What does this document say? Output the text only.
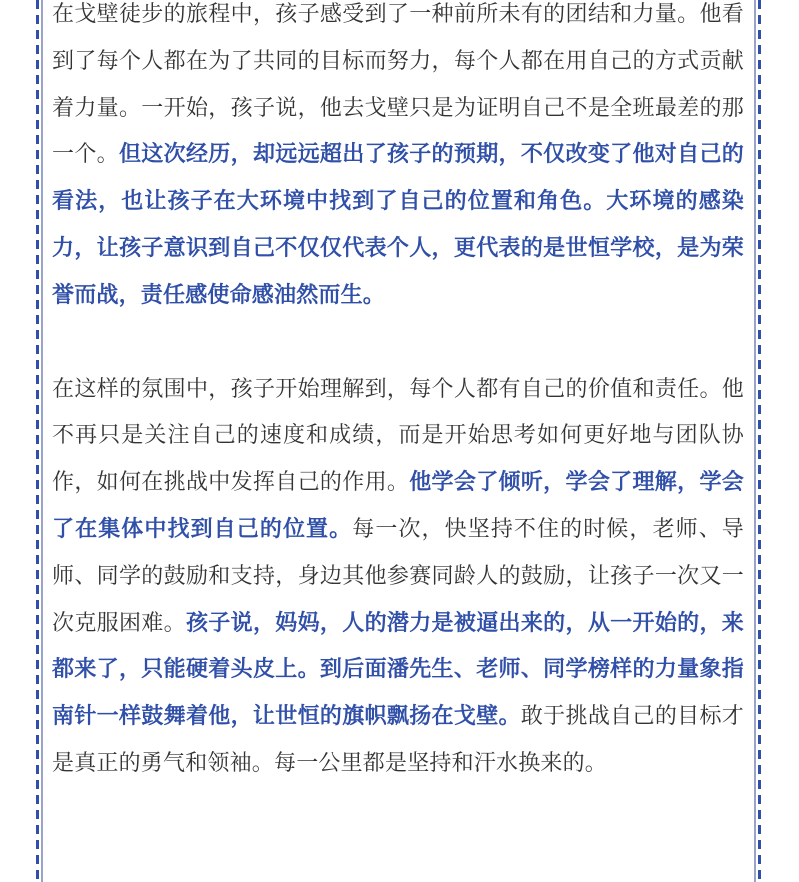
在戈壁徒步的旅程中，孩子感受到了一种前所未有的团结和力量。他看到了每个人都在为了共同的目标而努力，每个人都在用自己的方式贡献着力量。一开始，孩子说，他去戈壁只是为证明自己不是全班最差的那一个。但这次经历，却远远超出了孩子的预期，不仅改变了他对自己的看法，也让孩子在大环境中找到了自己的位置和角色。大环境的感染力，让孩子意识到自己不仅仅代表个人，更代表的是世恒学校，是为荣誉而战，责任感使命感油然而生。

在这样的氛围中，孩子开始理解到，每个人都有自己的价值和责任。他不再只是关注自己的速度和成绩，而是开始思考如何更好地与团队协作，如何在挑战中发挥自己的作用。他学会了倾听，学会了理解，学会了在集体中找到自己的位置。每一次，快坚持不住的时候，老师、导师、同学的鼓励和支持，身边其他参赛同龄人的鼓励，让孩子一次又一次克服困难。孩子说，妈妈，人的潜力是被逼出来的，从一开始的，来都来了，只能硬着头皮上。到后面潘先生、老师、同学榜样的力量象指南针一样鼓舞着他，让世恒的旗帜飘扬在戈壁。敢于挑战自己的目标才是真正的勇气和领袖。每一公里都是坚持和汗水换来的。
